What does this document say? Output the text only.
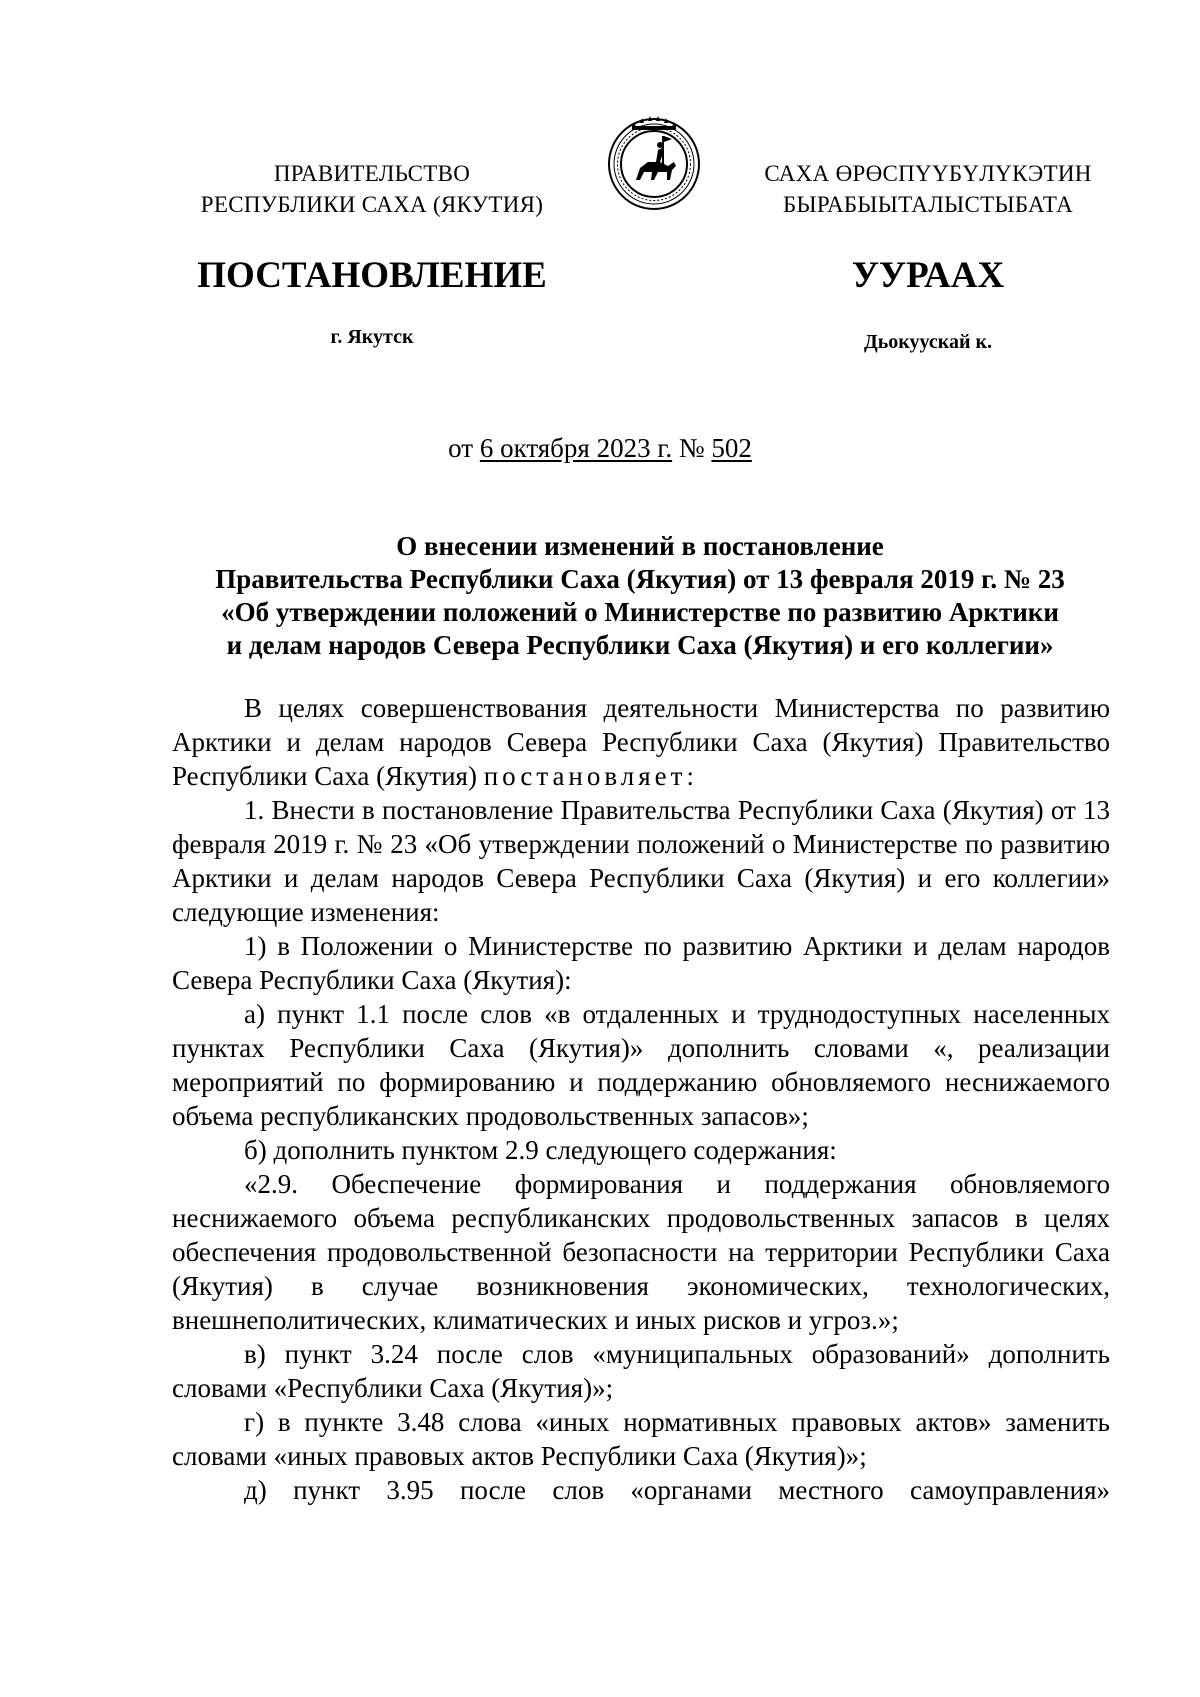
ПРАВИТЕЛЬСТВО
РЕСПУБЛИКИ САХА (ЯКУТИЯ)
САХА ӨРӨСПҮҮБҮЛҮКЭТИН
БЫРАБЫЫТАЛЫСТЫБАТА
ПОСТАНОВЛЕНИЕ	УУРААХ
г. Якутск	Дьокуускай к.
от 6 октября 2023 г. № 502
О внесении изменений в постановление
Правительства Республики Саха (Якутия) от 13 февраля 2019 г. № 23
«Об утверждении положений о Министерстве по развитию Арктики
и делам народов Севера Республики Саха (Якутия) и его коллегии»

В целях совершенствования деятельности Министерства по развитию Арктики и делам народов Севера Республики Саха (Якутия) Правительство Республики Саха (Якутия) постановляет:

1. Внести в постановление Правительства Республики Саха (Якутия) от 13 февраля 2019 г. № 23 «Об утверждении положений о Министерстве по развитию Арктики и делам народов Севера Республики Саха (Якутия) и его коллегии» следующие изменения:

1) в Положении о Министерстве по развитию Арктики и делам народов Севера Республики Саха (Якутия):

а) пункт 1.1 после слов «в отдаленных и труднодоступных населенных пунктах Республики Саха (Якутия)» дополнить словами «, реализации мероприятий по формированию и поддержанию обновляемого неснижаемого объема республиканских продовольственных запасов»;

б) дополнить пунктом 2.9 следующего содержания:

«2.9. Обеспечение формирования и поддержания обновляемого неснижаемого объема республиканских продовольственных запасов в целях обеспечения продовольственной безопасности на территории Республики Саха (Якутия) в случае возникновения экономических, технологических, внешнеполитических, климатических и иных рисков и угроз.»;

в) пункт 3.24 после слов «муниципальных образований» дополнить словами «Республики Саха (Якутия)»;

г) в пункте 3.48 слова «иных нормативных правовых актов» заменить словами «иных правовых актов Республики Саха (Якутия)»;

д) пункт 3.95 после слов «органами местного самоуправления»
